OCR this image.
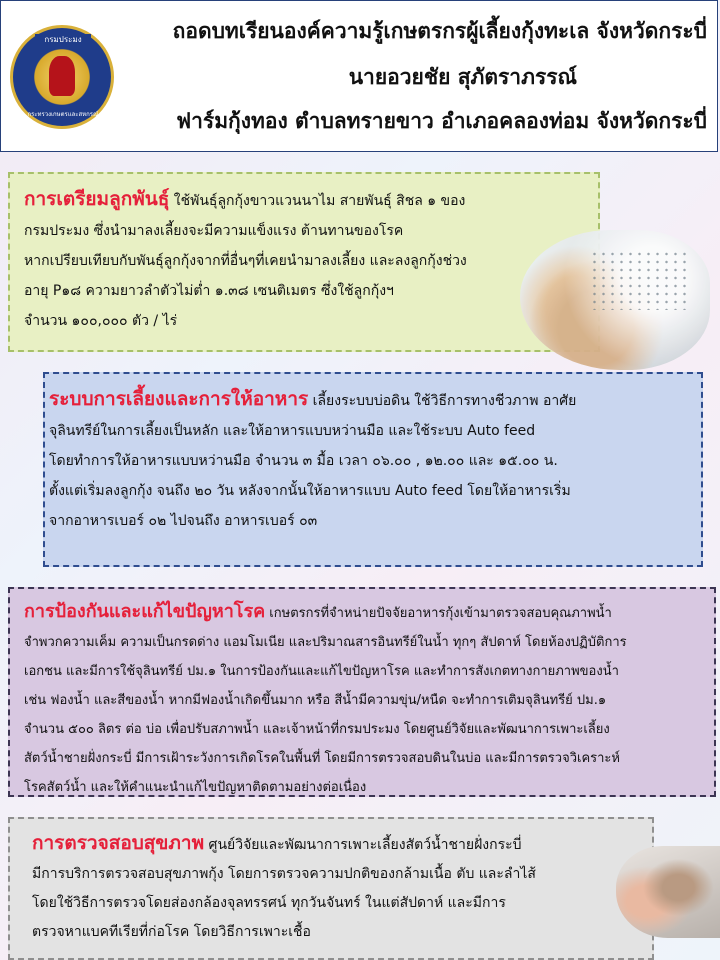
กรมประมง
กระทรวงเกษตรและสหกรณ์
ถอดบทเรียนองค์ความรู้เกษตรกรผู้เลี้ยงกุ้งทะเล จังหวัดกระบี่
นายอวยชัย สุภัตราภรรณ์
ฟาร์มกุ้งทอง ตำบลทรายขาว อำเภอคลองท่อม จังหวัดกระบี่
การเตรียมลูกพันธุ์ ใช้พันธุ์ลูกกุ้งขาวแวนนาไม สายพันธุ์ สิชล ๑ ของ
กรมประมง ซึ่งนำมาลงเลี้ยงจะมีความแข็งแรง ต้านทานของโรค
หากเปรียบเทียบกับพันธุ์ลูกกุ้งจากที่อื่นๆที่เคยนำมาลงเลี้ยง และลงลูกกุ้งช่วง
อายุ P๑๘ ความยาวลำตัวไม่ต่ำ ๑.๓๘ เซนติเมตร ซึ่งใช้ลูกกุ้งฯ
จำนวน ๑๐๐,๐๐๐ ตัว / ไร่
ระบบการเลี้ยงและการให้อาหาร เลี้ยงระบบบ่อดิน ใช้วิธีการทางชีวภาพ อาศัย
จุลินทรีย์ในการเลี้ยงเป็นหลัก และให้อาหารแบบหว่านมือ และใช้ระบบ Auto feed
โดยทำการให้อาหารแบบหว่านมือ จำนวน ๓ มื้อ เวลา ๐๖.๐๐ , ๑๒.๐๐ และ ๑๕.๐๐ น.
ตั้งแต่เริ่มลงลูกกุ้ง จนถึง ๒๐ วัน หลังจากนั้นให้อาหารแบบ Auto feed โดยให้อาหารเริ่ม
จากอาหารเบอร์ ๐๒ ไปจนถึง อาหารเบอร์ ๐๓
การป้องกันและแก้ไขปัญหาโรค เกษตรกรที่จำหน่ายปัจจัยอาหารกุ้งเข้ามาตรวจสอบคุณภาพน้ำ
จำพวกความเค็ม ความเป็นกรดด่าง แอมโมเนีย และปริมาณสารอินทรีย์ในน้ำ ทุกๆ สัปดาห์ โดยห้องปฏิบัติการ
เอกชน และมีการใช้จุลินทรีย์ ปม.๑ ในการป้องกันและแก้ไขปัญหาโรค และทำการสังเกตทางกายภาพของน้ำ
เช่น ฟองน้ำ และสีของน้ำ หากมีฟองน้ำเกิดขึ้นมาก หรือ สีน้ำมีความขุ่น/หนืด จะทำการเติมจุลินทรีย์ ปม.๑
จำนวน ๕๐๐ ลิตร ต่อ บ่อ เพื่อปรับสภาพน้ำ และเจ้าหน้าที่กรมประมง โดยศูนย์วิจัยและพัฒนาการเพาะเลี้ยง
สัตว์น้ำชายฝั่งกระบี่ มีการเฝ้าระวังการเกิดโรคในพื้นที่ โดยมีการตรวจสอบดินในบ่อ และมีการตรวจวิเคราะห์
โรคสัตว์น้ำ และให้คำแนะนำแก้ไขปัญหาติดตามอย่างต่อเนื่อง
การตรวจสอบสุขภาพ ศูนย์วิจัยและพัฒนาการเพาะเลี้ยงสัตว์น้ำชายฝั่งกระบี่
มีการบริการตรวจสอบสุขภาพกุ้ง โดยการตรวจความปกติของกล้ามเนื้อ ตับ และลำไส้
โดยใช้วิธีการตรวจโดยส่องกล้องจุลทรรศน์ ทุกวันจันทร์ ในแต่สัปดาห์ และมีการ
ตรวจหาแบคทีเรียที่ก่อโรค โดยวิธีการเพาะเชื้อ
